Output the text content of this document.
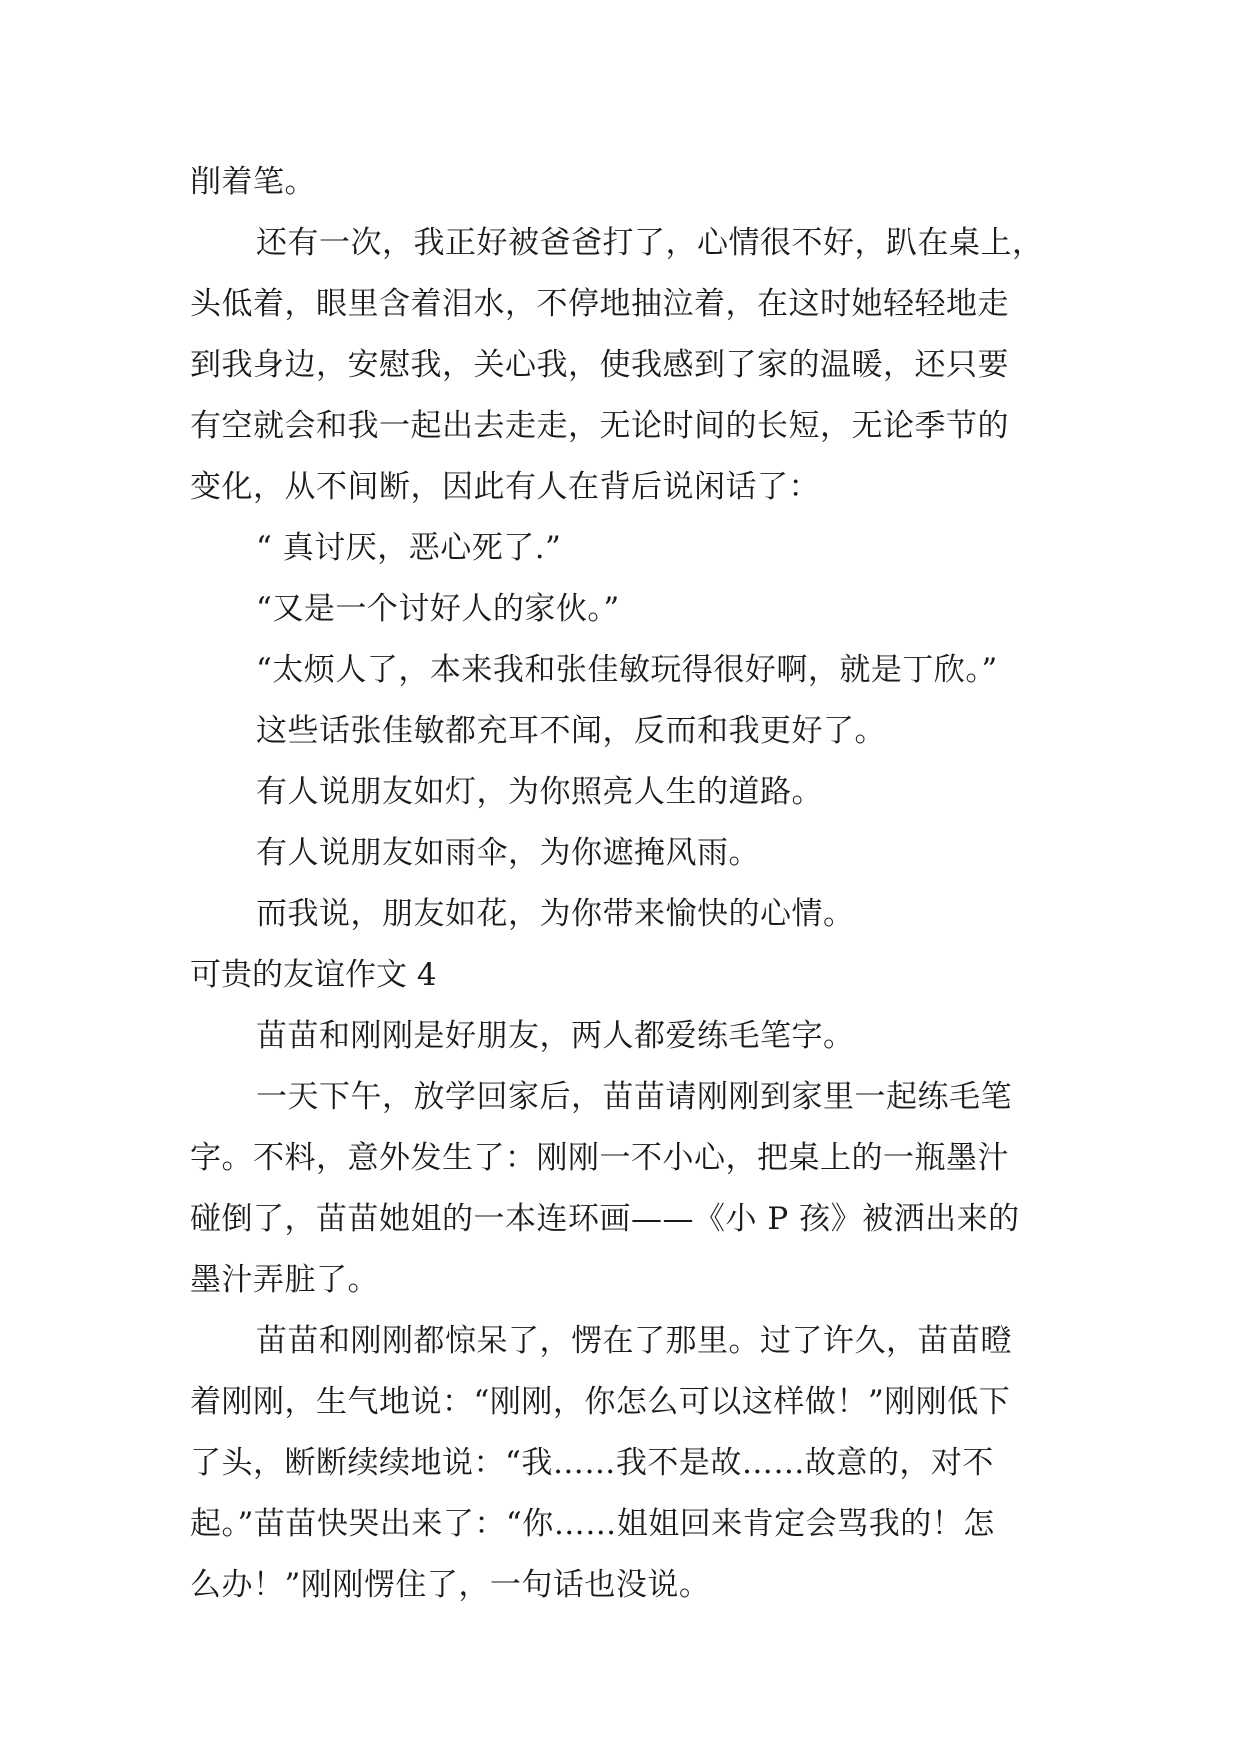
削着笔。

还有一次，我正好被爸爸打了，心情很不好，趴在桌上，

头低着，眼里含着泪水，不停地抽泣着，在这时她轻轻地走

到我身边，安慰我，关心我，使我感到了家的温暖，还只要

有空就会和我一起出去走走，无论时间的长短，无论季节的

变化，从不间断，因此有人在背后说闲话了：

“ 真讨厌，恶心死了.”

“又是一个讨好人的家伙。”

“太烦人了，本来我和张佳敏玩得很好啊，就是丁欣。”

这些话张佳敏都充耳不闻，反而和我更好了。

有人说朋友如灯，为你照亮人生的道路。

有人说朋友如雨伞，为你遮掩风雨。

而我说，朋友如花，为你带来愉快的心情。

可贵的友谊作文 4

苗苗和刚刚是好朋友，两人都爱练毛笔字。

一天下午，放学回家后，苗苗请刚刚到家里一起练毛笔

字。不料，意外发生了：刚刚一不小心，把桌上的一瓶墨汁

碰倒了，苗苗她姐的一本连环画——《小 P 孩》被洒出来的

墨汁弄脏了。

苗苗和刚刚都惊呆了，愣在了那里。过了许久，苗苗瞪

着刚刚，生气地说：“刚刚，你怎么可以这样做！”刚刚低下

了头，断断续续地说：“我……我不是故……故意的，对不

起。”苗苗快哭出来了：“你……姐姐回来肯定会骂我的！怎

么办！”刚刚愣住了，一句话也没说。
